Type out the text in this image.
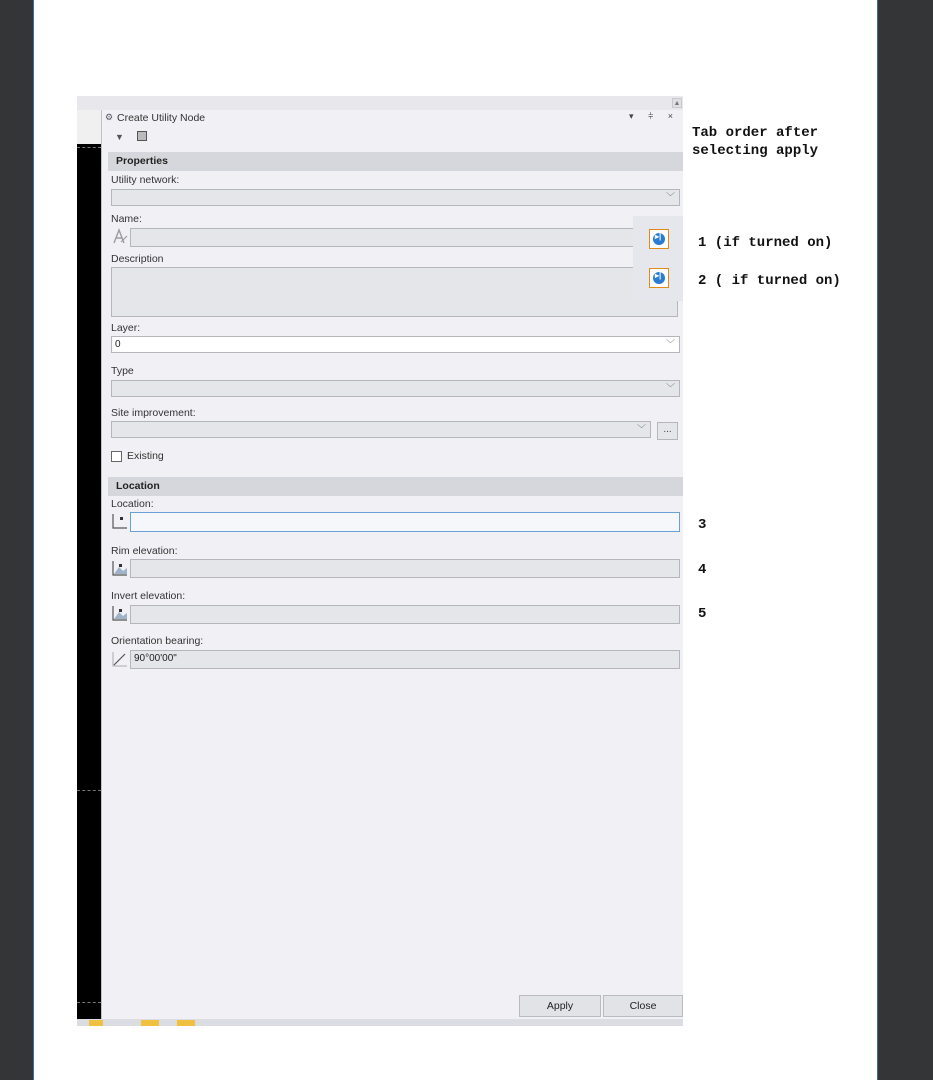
▲
⚙ Create Utility Node	▾ ⫩ ×
▼
Properties
Utility network:
﹀
Name:
Description
▸|
▸|
Layer:
0	﹀
Type
﹀
Site improvement:
﹀	...
Existing
Location
Location:
Rim elevation:
Invert elevation:
Orientation bearing:
90°00'00"
Apply	Close
Tab order after
selecting apply
1 (if turned on)
2 ( if turned on)
3
4
5
